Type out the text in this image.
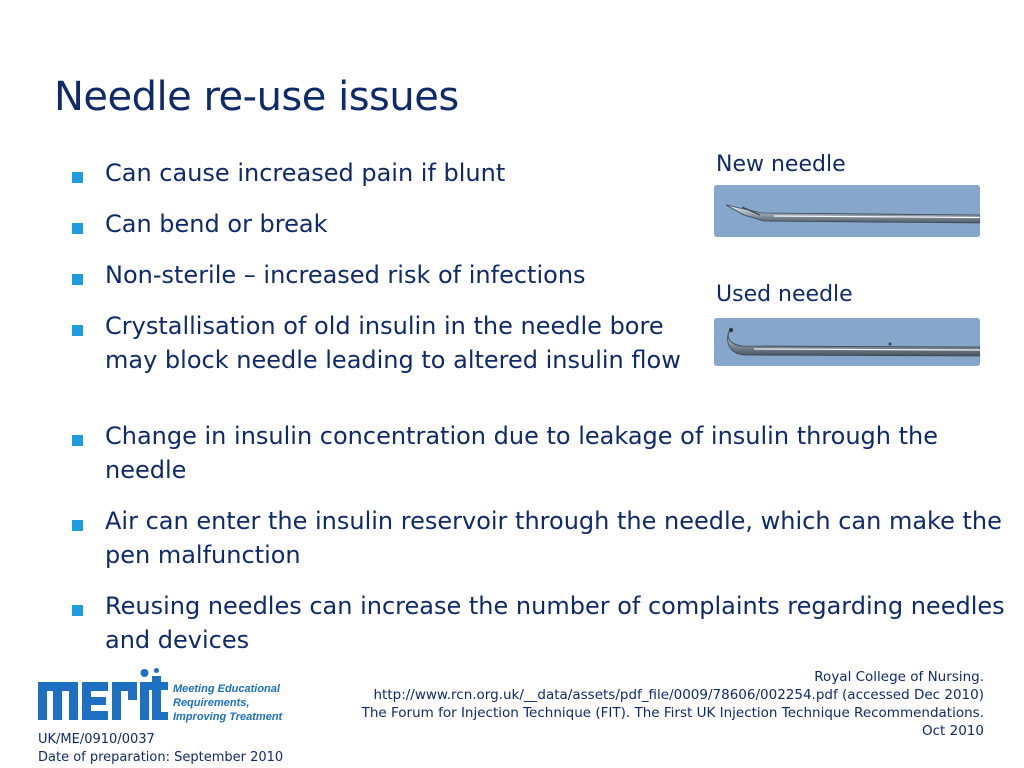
Needle re-use issues
Can cause increased pain if blunt
Can bend or break
Non-sterile – increased risk of infections
Crystallisation of old insulin in the needle bore may block needle leading to altered insulin flow
Change in insulin concentration due to leakage of insulin through the needle
Air can enter the insulin reservoir through the needle, which can make the pen malfunction
Reusing needles can increase the number of complaints regarding needles and devices
New needle
Used needle
Meeting Educational
Requirements,
Improving Treatment
Royal College of Nursing.
http://www.rcn.org.uk/__data/assets/pdf_file/0009/78606/002254.pdf (accessed Dec 2010)
The Forum for Injection Technique (FIT). The First UK Injection Technique Recommendations.
Oct 2010
UK/ME/0910/0037
Date of preparation: September 2010
